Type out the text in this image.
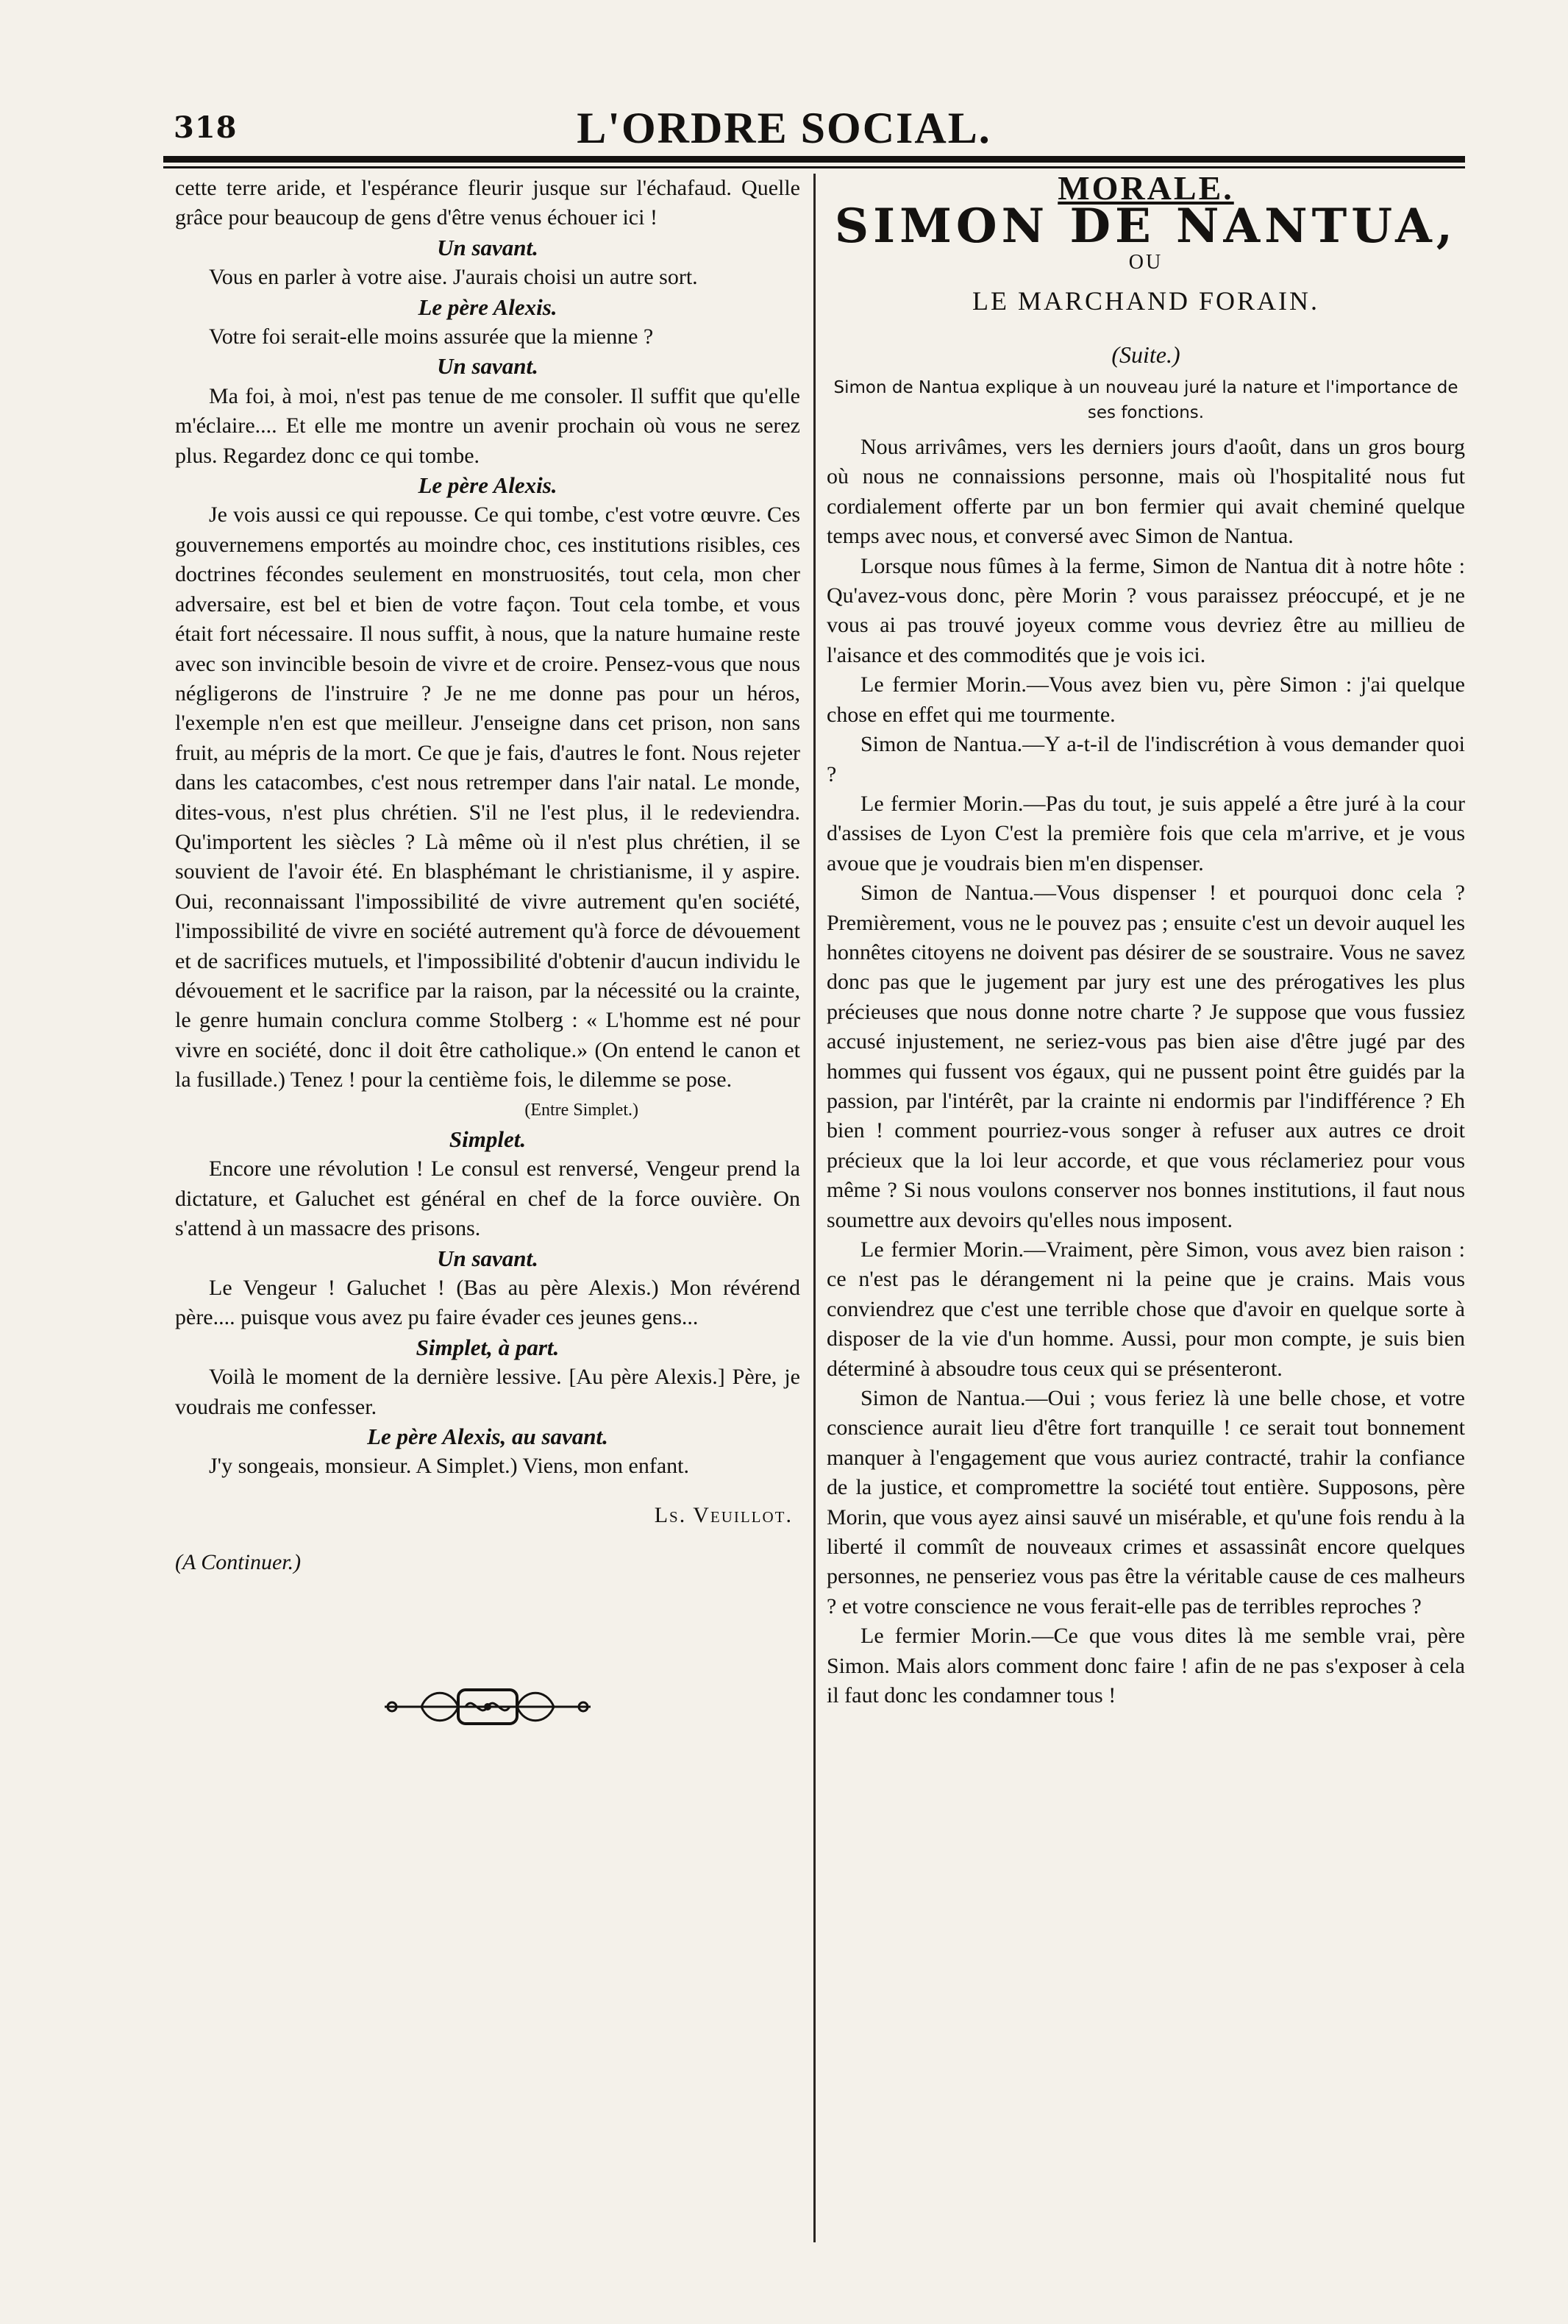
318	L'ORDRE SOCIAL.

cette terre aride, et l'espérance fleurir jusque sur l'échafaud. Quelle grâce pour beaucoup de gens d'être venus échouer ici !

Un savant.

Vous en parler à votre aise. J'aurais choisi un autre sort.

Le père Alexis.

Votre foi serait-elle moins assurée que la mienne ?

Un savant.

Ma foi, à moi, n'est pas tenue de me consoler. Il suffit que qu'elle m'éclaire.... Et elle me montre un avenir prochain où vous ne serez plus. Regardez donc ce qui tombe.

Le père Alexis.

Je vois aussi ce qui repousse. Ce qui tombe, c'est votre œuvre. Ces gouvernemens emportés au moindre choc, ces institutions risibles, ces doctrines fécondes seulement en monstruosités, tout cela, mon cher adversaire, est bel et bien de votre façon. Tout cela tombe, et vous était fort nécessaire. Il nous suffit, à nous, que la nature humaine reste avec son invincible besoin de vivre et de croire. Pensez-vous que nous négligerons de l'instruire ? Je ne me donne pas pour un héros, l'exemple n'en est que meilleur. J'enseigne dans cet prison, non sans fruit, au mépris de la mort. Ce que je fais, d'autres le font. Nous rejeter dans les catacombes, c'est nous retremper dans l'air natal. Le monde, dites-vous, n'est plus chrétien. S'il ne l'est plus, il le redeviendra. Qu'importent les siècles ? Là même où il n'est plus chrétien, il se souvient de l'avoir été. En blasphémant le christianisme, il y aspire. Oui, reconnaissant l'impossibilité de vivre autrement qu'en société, l'impossibilité de vivre en société autrement qu'à force de dévouement et de sacrifices mutuels, et l'impossibilité d'obtenir d'aucun individu le dévouement et le sacrifice par la raison, par la nécessité ou la crainte, le genre humain conclura comme Stolberg : « L'homme est né pour vivre en société, donc il doit être catholique.» (On entend le canon et la fusillade.) Tenez ! pour la centième fois, le dilemme se pose.

(Entre Simplet.)

Simplet.

Encore une révolution ! Le consul est renversé, Vengeur prend la dictature, et Galuchet est général en chef de la force ouvière. On s'attend à un massacre des prisons.

Un savant.

Le Vengeur ! Galuchet ! (Bas au père Alexis.) Mon révérend père.... puisque vous avez pu faire évader ces jeunes gens...

Simplet, à part.

Voilà le moment de la dernière lessive. [Au père Alexis.] Père, je voudrais me confesser.

Le père Alexis, au savant.

J'y songeais, monsieur. A Simplet.) Viens, mon enfant.

Ls. Veuillot.

(A Continuer.)

MORALE.

SIMON DE NANTUA,

OU

LE MARCHAND FORAIN.

(Suite.)

Simon de Nantua explique à un nouveau juré la nature et l'importance de ses fonctions.

Nous arrivâmes, vers les derniers jours d'août, dans un gros bourg où nous ne connaissions personne, mais où l'hospitalité nous fut cordialement offerte par un bon fermier qui avait cheminé quelque temps avec nous, et conversé avec Simon de Nantua.

Lorsque nous fûmes à la ferme, Simon de Nantua dit à notre hôte : Qu'avez-vous donc, père Morin ? vous paraissez préoccupé, et je ne vous ai pas trouvé joyeux comme vous devriez être au millieu de l'aisance et des commodités que je vois ici.

Le fermier Morin.—Vous avez bien vu, père Simon : j'ai quelque chose en effet qui me tourmente.

Simon de Nantua.—Y a-t-il de l'indiscrétion à vous demander quoi ?

Le fermier Morin.—Pas du tout, je suis appelé a être juré à la cour d'assises de Lyon C'est la première fois que cela m'arrive, et je vous avoue que je voudrais bien m'en dispenser.

Simon de Nantua.—Vous dispenser ! et pourquoi donc cela ? Premièrement, vous ne le pouvez pas ; ensuite c'est un devoir auquel les honnêtes citoyens ne doivent pas désirer de se soustraire. Vous ne savez donc pas que le jugement par jury est une des prérogatives les plus précieuses que nous donne notre charte ? Je suppose que vous fussiez accusé injustement, ne seriez-vous pas bien aise d'être jugé par des hommes qui fussent vos égaux, qui ne pussent point être guidés par la passion, par l'intérêt, par la crainte ni endormis par l'indifférence ? Eh bien ! comment pourriez-vous songer à refuser aux autres ce droit précieux que la loi leur accorde, et que vous réclameriez pour vous même ? Si nous voulons conserver nos bonnes institutions, il faut nous soumettre aux devoirs qu'elles nous imposent.

Le fermier Morin.—Vraiment, père Simon, vous avez bien raison : ce n'est pas le dérangement ni la peine que je crains. Mais vous conviendrez que c'est une terrible chose que d'avoir en quelque sorte à disposer de la vie d'un homme. Aussi, pour mon compte, je suis bien déterminé à absoudre tous ceux qui se présenteront.

Simon de Nantua.—Oui ; vous feriez là une belle chose, et votre conscience aurait lieu d'être fort tranquille ! ce serait tout bonnement manquer à l'engagement que vous auriez contracté, trahir la confiance de la justice, et compromettre la société tout entière. Supposons, père Morin, que vous ayez ainsi sauvé un misérable, et qu'une fois rendu à la liberté il commît de nouveaux crimes et assassinât encore quelques personnes, ne penseriez vous pas être la véritable cause de ces malheurs ? et votre conscience ne vous ferait-elle pas de terribles reproches ?

Le fermier Morin.—Ce que vous dites là me semble vrai, père Simon. Mais alors comment donc faire ! afin de ne pas s'exposer à cela il faut donc les condamner tous !
